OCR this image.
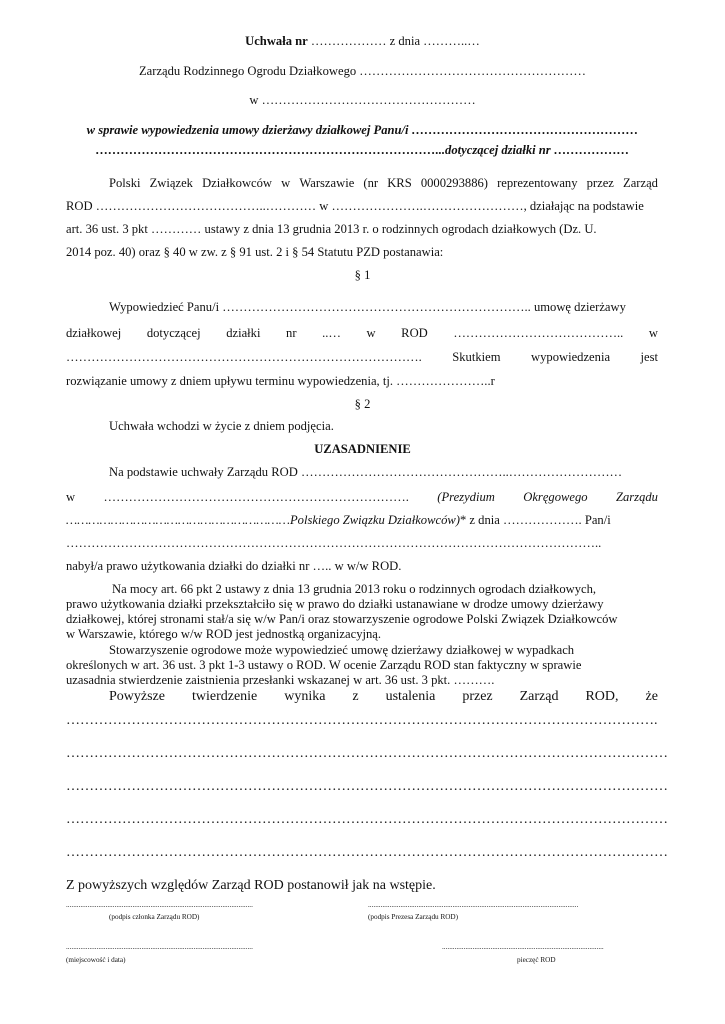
Uchwała nr ……………… z dnia ………..…
Zarządu Rodzinnego Ogrodu Działkowego ………………………………………………
w ……………………………………………
w sprawie wypowiedzenia umowy dzierżawy działkowej Panu/i ………………………………………………
………………………………………………………………………...dotyczącej działki nr ………………
Polski Związek Działkowców w Warszawie (nr KRS 0000293886) reprezentowany przez Zarząd
ROD …………………………………..………… w ………………….……………………, działając na podstawie
art. 36 ust. 3 pkt ………… ustawy z dnia 13 grudnia 2013 r. o rodzinnych ogrodach działkowych (Dz. U.
2014 poz. 40) oraz § 40 w zw. z § 91 ust. 2 i § 54 Statutu PZD postanawia:
§ 1
Wypowiedzieć Panu/i ……………………………………………………………….. umowę dzierżawy
działkowej dotyczącej działki nr ..… w ROD ………………………………….. w
…………………………………………………………………………. Skutkiem wypowiedzenia jest
rozwiązanie umowy z dniem upływu terminu wypowiedzenia, tj. …………………..r
§ 2
Uchwała wchodzi w życie z dniem podjęcia.
UZASADNIENIE
Na podstawie uchwały Zarządu ROD …………………………………………..………………………
w ………………………………………………………………. (Prezydium Okręgowego Zarządu
……………………………………………………Polskiego Związku Działkowców)* z dnia ………………. Pan/i
………………………………………………………………………………………………………………..
nabył/a prawo użytkowania działki do działki nr ….. w w/w ROD.
Na mocy art. 66 pkt 2 ustawy z dnia 13 grudnia 2013 roku o rodzinnych ogrodach działkowych,
prawo użytkowania działki przekształciło się w prawo do działki ustanawiane w drodze umowy dzierżawy
działkowej, której stronami stał/a się w/w Pan/i oraz stowarzyszenie ogrodowe Polski Związek Działkowców
w Warszawie, którego w/w ROD jest jednostką organizacyjną.
Stowarzyszenie ogrodowe może wypowiedzieć umowę dzierżawy działkowej w wypadkach
określonych w art. 36 ust. 3 pkt 1-3 ustawy o ROD. W ocenie Zarządu ROD stan faktyczny w sprawie
uzasadnia stwierdzenie zaistnienia przesłanki wskazanej w art. 36 ust. 3 pkt. ……….
Powyższe twierdzenie wynika z ustalenia przez Zarząd ROD, że
……………………………………………………………………………………………………………….
…………………………………………………………………………………………………………………
…………………………………………………………………………………………………………………
…………………………………………………………………………………………………………………
…………………………………………………………………………………………………………………
Z powyższych względów Zarząd ROD postanowił jak na wstępie.
........................................................................................................
(podpis członka Zarządu ROD)
.....................................................................................................................
(podpis Prezesa Zarządu ROD)
........................................................................................................
(miejscowość i data)
..........................................................................................
pieczęć ROD
